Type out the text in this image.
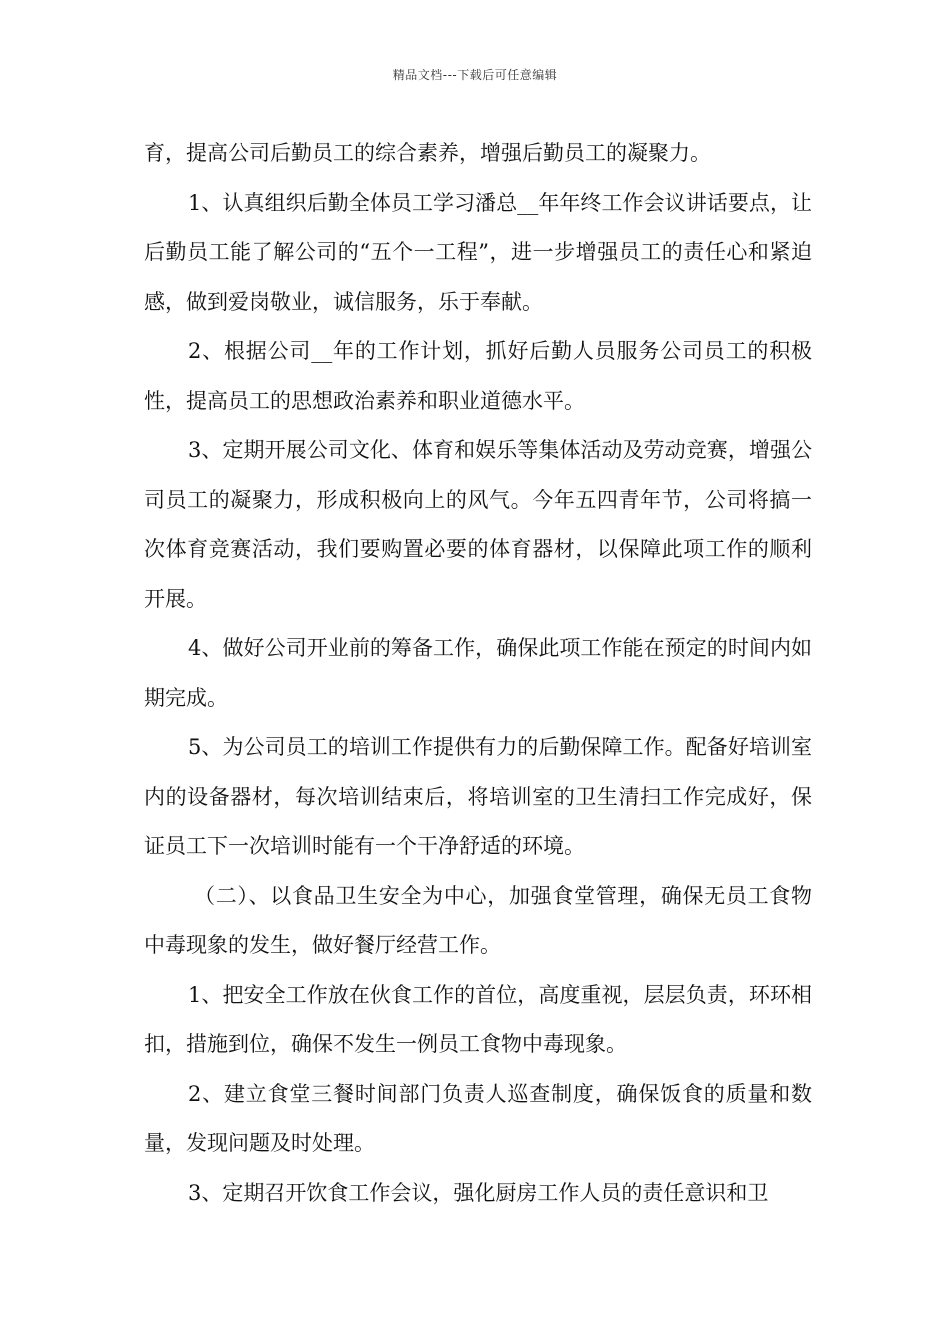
精品文档---下载后可任意编辑

育，提高公司后勤员工的综合素养，增强后勤员工的凝聚力。

1、认真组织后勤全体员工学习潘总__年年终工作会议讲话要点，让后勤员工能了解公司的“五个一工程”，进一步增强员工的责任心和紧迫感，做到爱岗敬业，诚信服务，乐于奉献。

2、根据公司__年的工作计划，抓好后勤人员服务公司员工的积极性，提高员工的思想政治素养和职业道德水平。

3、定期开展公司文化、体育和娱乐等集体活动及劳动竞赛，增强公司员工的凝聚力，形成积极向上的风气。今年五四青年节，公司将搞一次体育竞赛活动，我们要购置必要的体育器材，以保障此项工作的顺利开展。

4、做好公司开业前的筹备工作，确保此项工作能在预定的时间内如期完成。

5、为公司员工的培训工作提供有力的后勤保障工作。配备好培训室内的设备器材，每次培训结束后，将培训室的卫生清扫工作完成好，保证员工下一次培训时能有一个干净舒适的环境。

（二）、以食品卫生安全为中心，加强食堂管理，确保无员工食物中毒现象的发生，做好餐厅经营工作。

1、把安全工作放在伙食工作的首位，高度重视，层层负责，环环相扣，措施到位，确保不发生一例员工食物中毒现象。

2、建立食堂三餐时间部门负责人巡查制度，确保饭食的质量和数量，发现问题及时处理。

3、定期召开饮食工作会议，强化厨房工作人员的责任意识和卫
